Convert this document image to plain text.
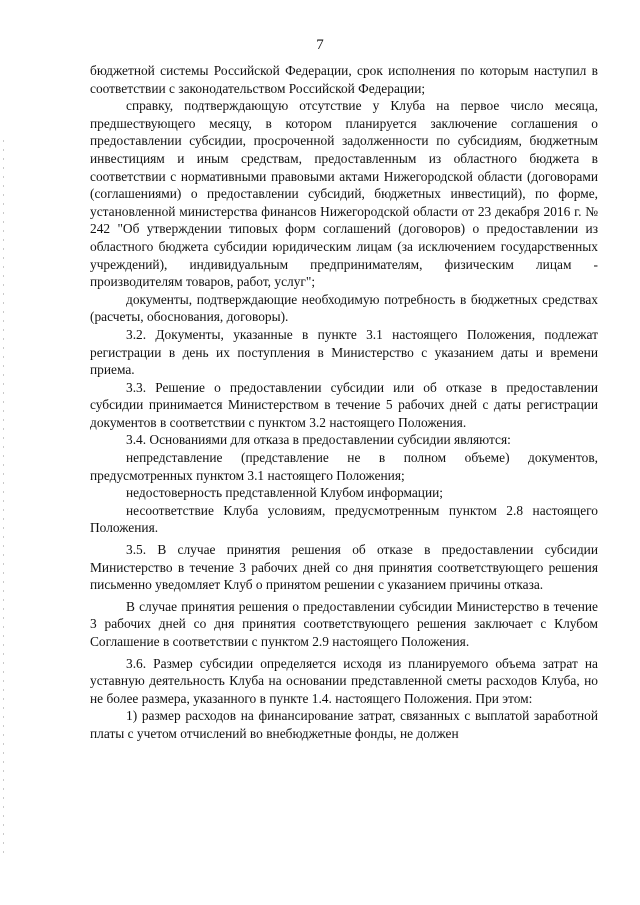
7

бюджетной системы Российской Федерации, срок исполнения по которым наступил в соответствии с законодательством Российской Федерации;

справку, подтверждающую отсутствие у Клуба на первое число месяца, предшествующего месяцу, в котором планируется заключение соглашения о предоставлении субсидии, просроченной задолженности по субсидиям, бюджетным инвестициям и иным средствам, предоставленным из областного бюджета в соответствии с нормативными правовыми актами Нижегородской области (договорами (соглашениями) о предоставлении субсидий, бюджетных инвестиций), по форме, установленной министерства финансов Нижегородской области от 23 декабря 2016 г. № 242 "Об утверждении типовых форм соглашений (договоров) о предоставлении из областного бюджета субсидии юридическим лицам (за исключением государственных учреждений), индивидуальным предпринимателям, физическим лицам - производителям товаров, работ, услуг";

документы, подтверждающие необходимую потребность в бюджетных средствах (расчеты, обоснования, договоры).

3.2. Документы, указанные в пункте 3.1 настоящего Положения, подлежат регистрации в день их поступления в Министерство с указанием даты и времени приема.

3.3. Решение о предоставлении субсидии или об отказе в предоставлении субсидии принимается Министерством в течение 5 рабочих дней с даты регистрации документов в соответствии с пунктом 3.2 настоящего Положения.

3.4. Основаниями для отказа в предоставлении субсидии являются:

непредставление (представление не в полном объеме) документов, предусмотренных пунктом 3.1 настоящего Положения;

недостоверность представленной Клубом информации;

несоответствие Клуба условиям, предусмотренным пунктом 2.8 настоящего Положения.

3.5. В случае принятия решения об отказе в предоставлении субсидии Министерство в течение 3 рабочих дней со дня принятия соответствующего решения письменно уведомляет Клуб о принятом решении с указанием причины отказа.

В случае принятия решения о предоставлении субсидии Министерство в течение 3 рабочих дней со дня принятия соответствующего решения заключает с Клубом Соглашение в соответствии с пунктом 2.9 настоящего Положения.

3.6. Размер субсидии определяется исходя из планируемого объема затрат на уставную деятельность Клуба на основании представленной сметы расходов Клуба, но не более размера, указанного в пункте 1.4. настоящего Положения. При этом:

1) размер расходов на финансирование затрат, связанных с выплатой заработной платы с учетом отчислений во внебюджетные фонды, не должен
